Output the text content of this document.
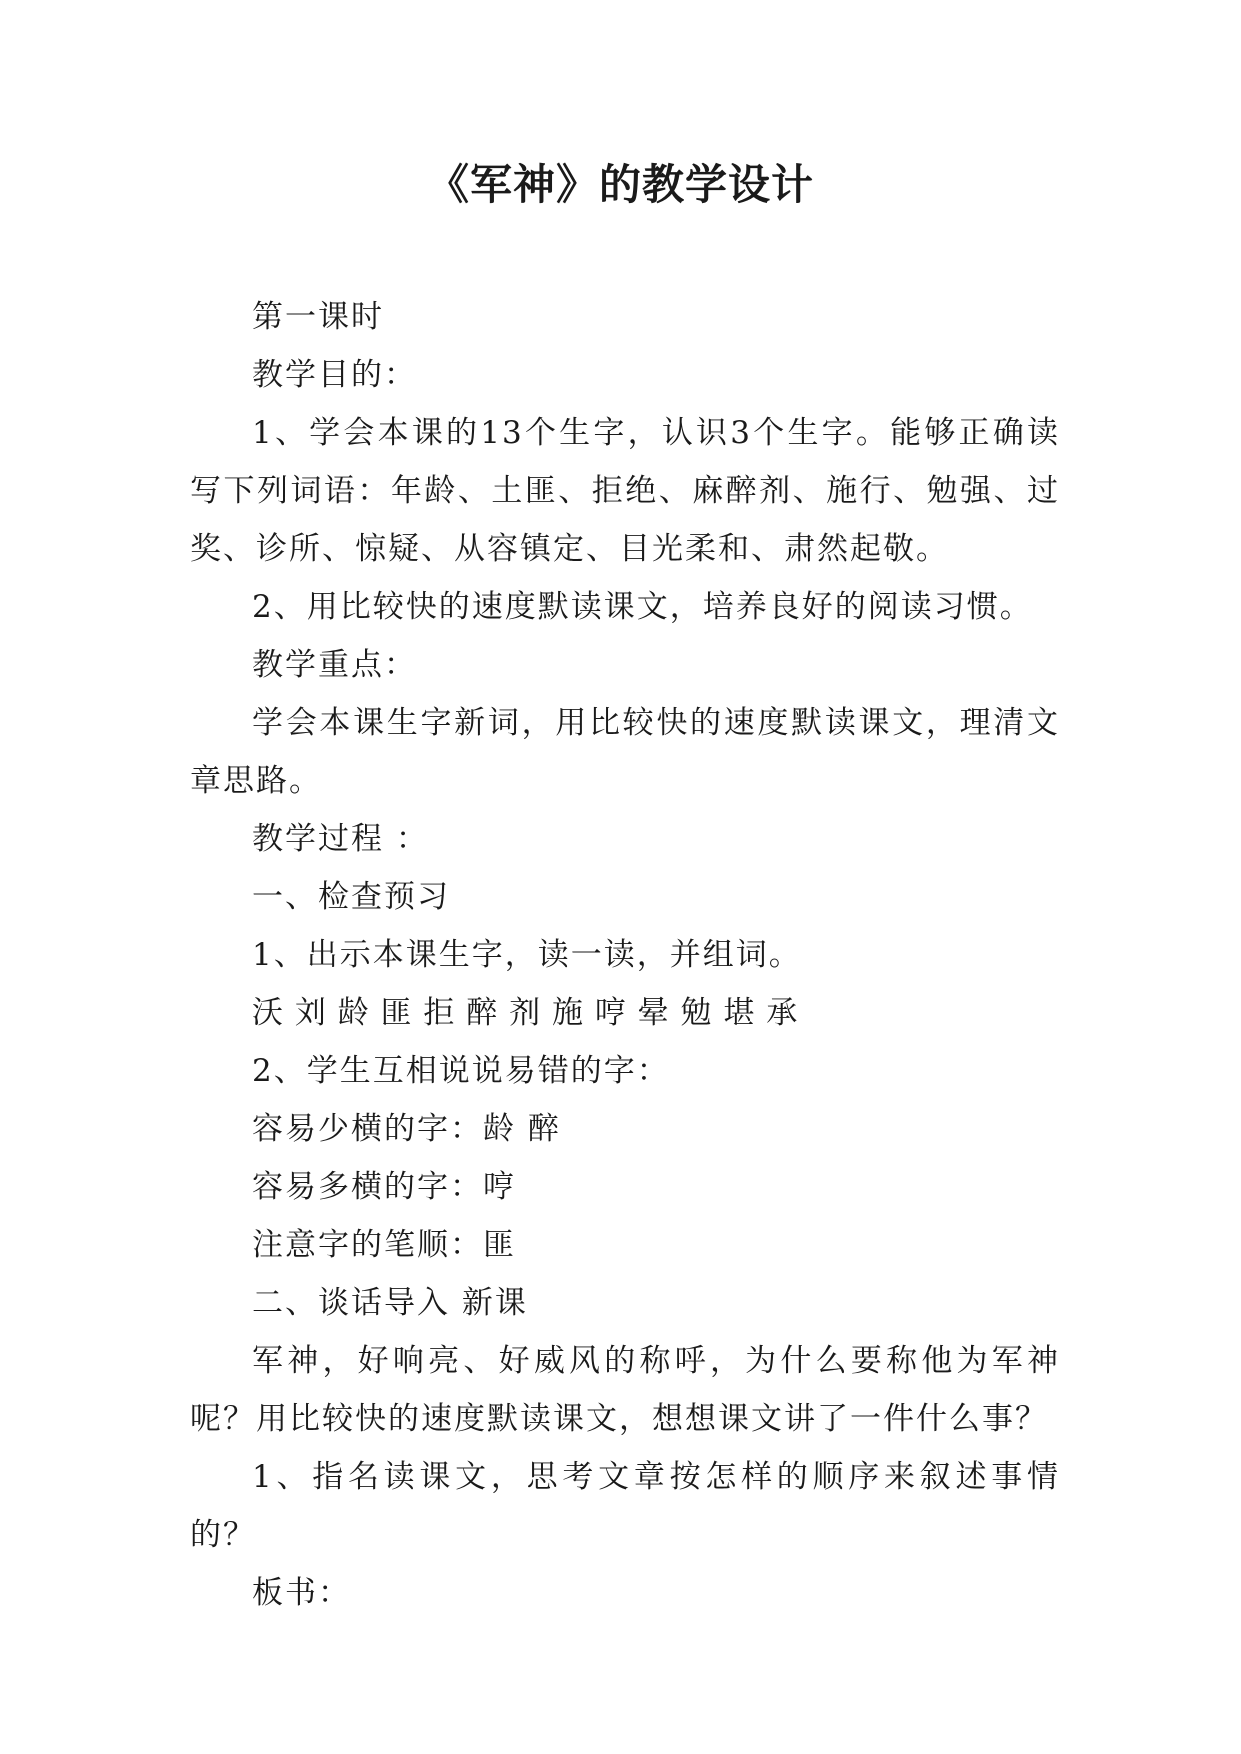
《军神》的教学设计

第一课时

教学目的：

1、学会本课的13个生字，认识3个生字。能够正确读写下列词语：年龄、土匪、拒绝、麻醉剂、施行、勉强、过奖、诊所、惊疑、从容镇定、目光柔和、肃然起敬。

2、用比较快的速度默读课文，培养良好的阅读习惯。

教学重点：

学会本课生字新词，用比较快的速度默读课文，理清文章思路。

教学过程 ：

一、检查预习

1、出示本课生字，读一读，并组词。

沃 刘 龄 匪 拒 醉 剂 施 哼 晕 勉 堪 承

2、学生互相说说易错的字：

容易少横的字：龄 醉

容易多横的字：哼

注意字的笔顺：匪

二、谈话导入 新课

军神，好响亮、好威风的称呼，为什么要称他为军神呢？用比较快的速度默读课文，想想课文讲了一件什么事？

1、指名读课文，思考文章按怎样的顺序来叙述事情的？

板书：
